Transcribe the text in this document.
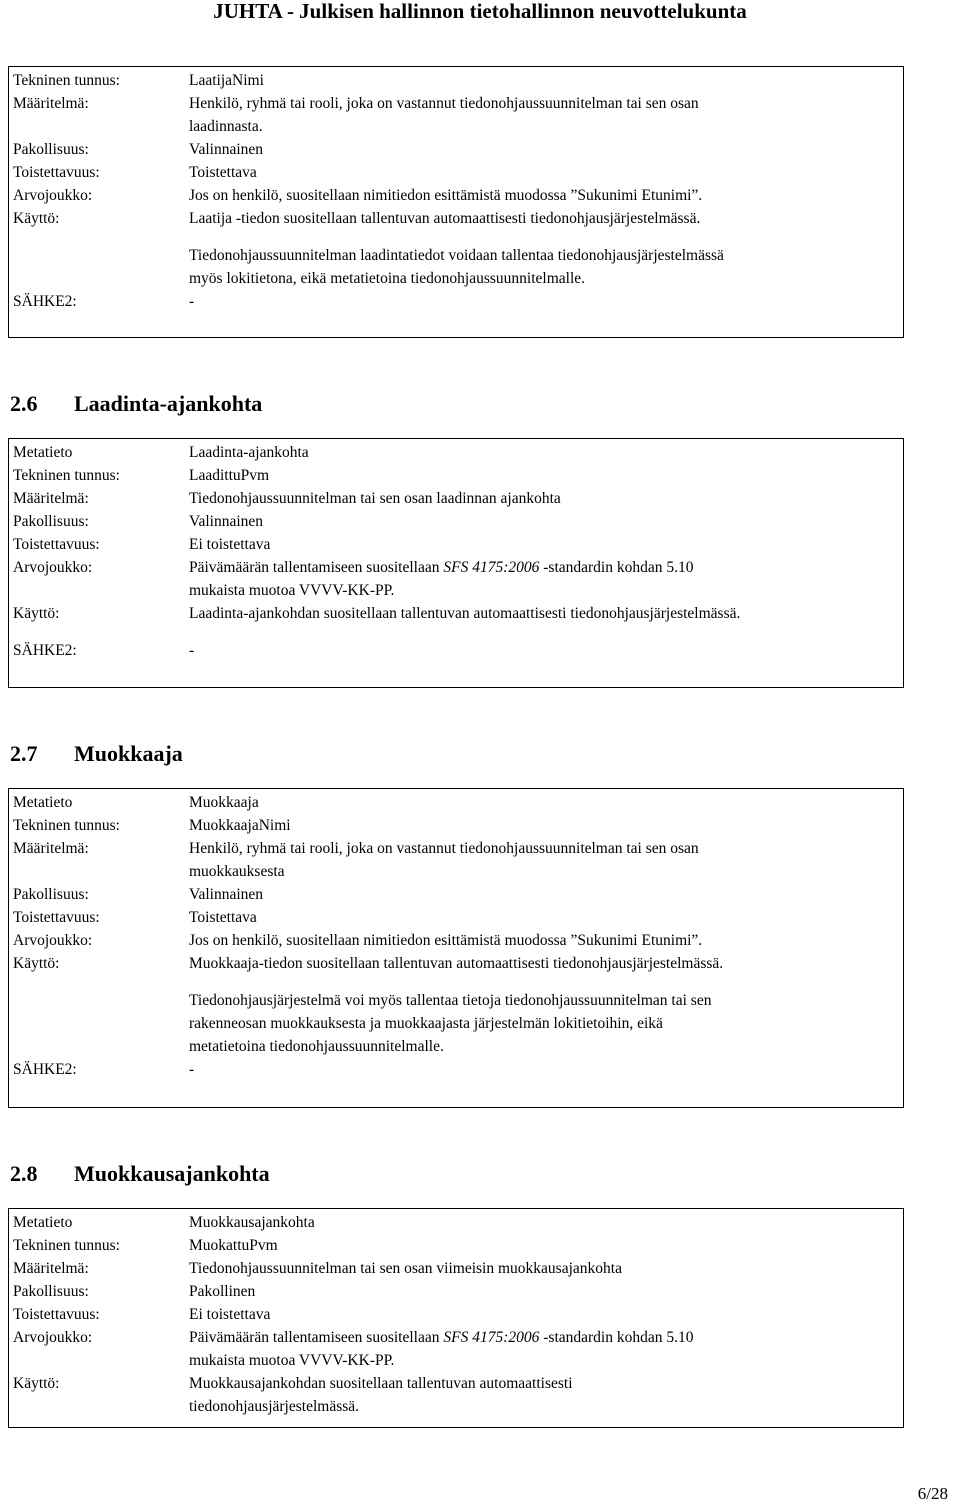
JUHTA - Julkisen hallinnon tietohallinnon neuvottelukunta
Tekninen tunnus:	LaatijaNimi
Määritelmä:	Henkilö, ryhmä tai rooli, joka on vastannut tiedonohjaussuunnitelman tai sen osan
laadinnasta.
Pakollisuus:	Valinnainen
Toistettavuus:	Toistettava
Arvojoukko:	Jos on henkilö, suositellaan nimitiedon esittämistä muodossa ”Sukunimi Etunimi”.
Käyttö:	Laatija -tiedon suositellaan tallentuvan automaattisesti tiedonohjausjärjestelmässä.

Tiedonohjaussuunnitelman laadintatiedot voidaan tallentaa tiedonohjausjärjestelmässä
myös lokitietona, eikä metatietoina tiedonohjaussuunnitelmalle.
SÄHKE2:	-
2.6 Laadinta-ajankohta
Metatieto	Laadinta-ajankohta
Tekninen tunnus:	LaadittuPvm
Määritelmä:	Tiedonohjaussuunnitelman tai sen osan laadinnan ajankohta
Pakollisuus:	Valinnainen
Toistettavuus:	Ei toistettava
Arvojoukko:	Päivämäärän tallentamiseen suositellaan SFS 4175:2006 -standardin kohdan 5.10
mukaista muotoa VVVV-KK-PP.
Käyttö:	Laadinta-ajankohdan suositellaan tallentuvan automaattisesti tiedonohjausjärjestelmässä.
SÄHKE2:	-
2.7 Muokkaaja
Metatieto	Muokkaaja
Tekninen tunnus:	MuokkaajaNimi
Määritelmä:	Henkilö, ryhmä tai rooli, joka on vastannut tiedonohjaussuunnitelman tai sen osan
muokkauksesta
Pakollisuus:	Valinnainen
Toistettavuus:	Toistettava
Arvojoukko:	Jos on henkilö, suositellaan nimitiedon esittämistä muodossa ”Sukunimi Etunimi”.
Käyttö:	Muokkaaja-tiedon suositellaan tallentuvan automaattisesti tiedonohjausjärjestelmässä.

Tiedonohjausjärjestelmä voi myös tallentaa tietoja tiedonohjaussuunnitelman tai sen
rakenneosan muokkauksesta ja muokkaajasta järjestelmän lokitietoihin, eikä
metatietoina tiedonohjaussuunnitelmalle.
SÄHKE2:	-
2.8 Muokkausajankohta
Metatieto	Muokkausajankohta
Tekninen tunnus:	MuokattuPvm
Määritelmä:	Tiedonohjaussuunnitelman tai sen osan viimeisin muokkausajankohta
Pakollisuus:	Pakollinen
Toistettavuus:	Ei toistettava
Arvojoukko:	Päivämäärän tallentamiseen suositellaan SFS 4175:2006 -standardin kohdan 5.10
mukaista muotoa VVVV-KK-PP.
Käyttö:	Muokkausajankohdan suositellaan tallentuvan automaattisesti
tiedonohjausjärjestelmässä.
6/28
